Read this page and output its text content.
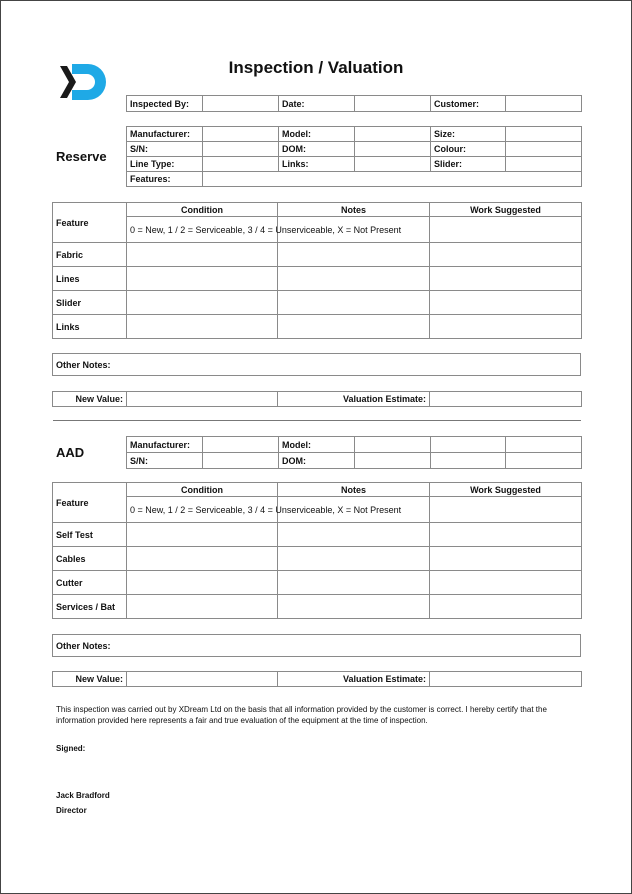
Inspection / Valuation
Inspected By:		Date:		Customer:	
Reserve
Manufacturer:		Model:		Size:	
S/N:		DOM:		Colour:	
Line Type:		Links:		Slider:	
Features:					
Feature	Condition	Notes	Work Suggested
	0 = New, 1 / 2 = Serviceable, 3 / 4 = Unserviceable, X = Not Present		
Fabric			
Lines			
Slider			
Links			
Other Notes:
New Value:		Valuation Estimate:	
AAD
Manufacturer:		Model:			
S/N:		DOM:			
Feature	Condition	Notes	Work Suggested
	0 = New, 1 / 2 = Serviceable, 3 / 4 = Unserviceable, X = Not Present		
Self Test			
Cables			
Cutter			
Services / Bat			
Other Notes:
New Value:		Valuation Estimate:	
This inspection was carried out by XDream Ltd on the basis that all information provided by the customer is correct. I hereby certify that the information provided here represents a fair and true evaluation of the equipment at the time of inspection.
Signed:
Jack Bradford
Director
